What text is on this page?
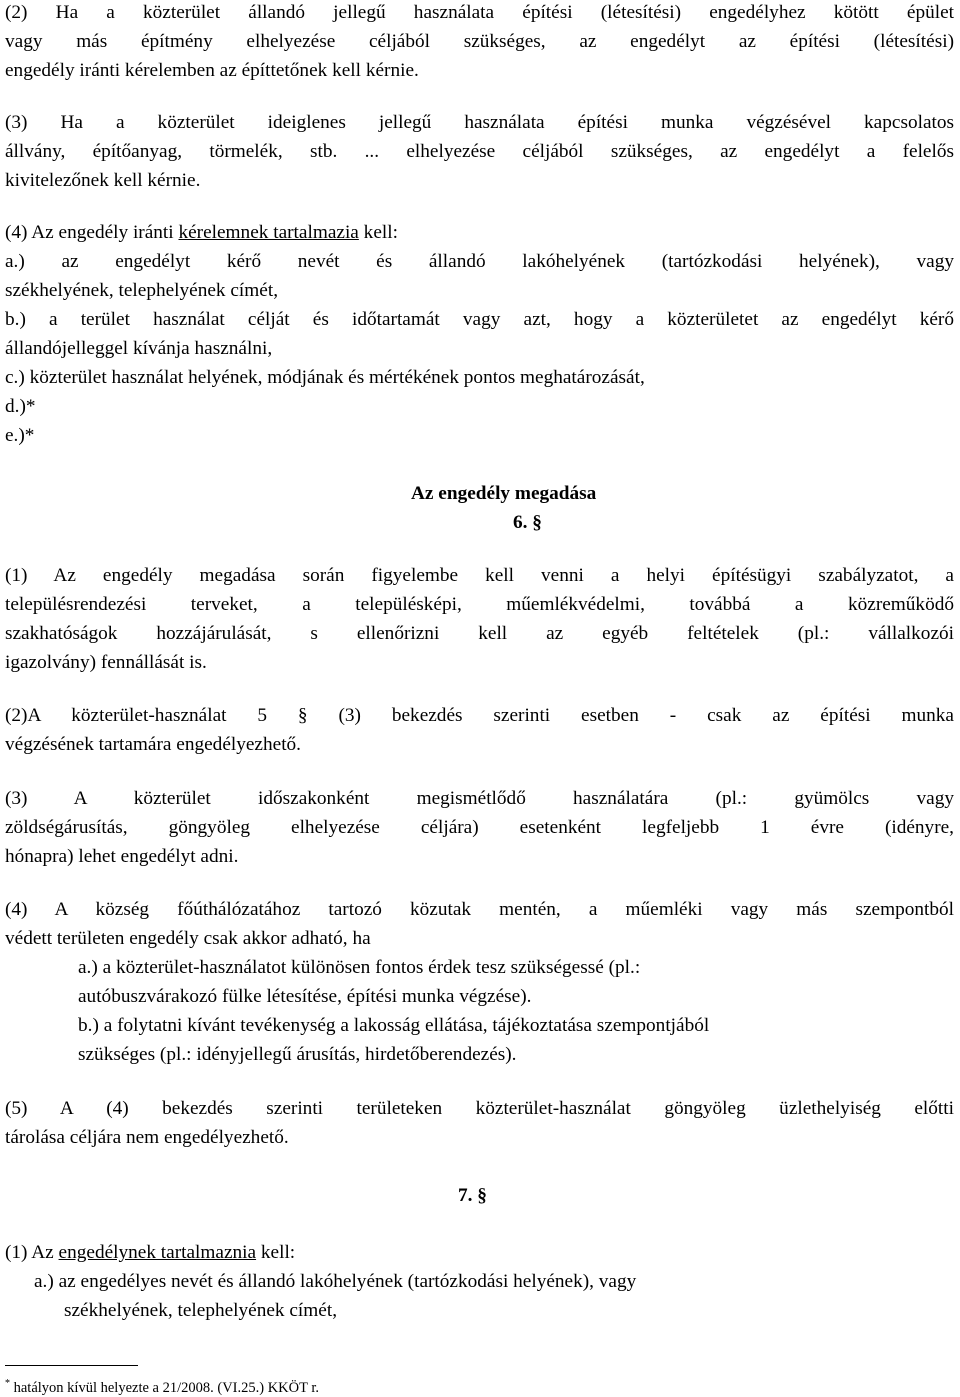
(2) Ha a közterület állandó jellegű használata építési (létesítési) engedélyhez kötött épület
vagy más építmény elhelyezése céljából szükséges, az engedélyt az építési (létesítési)
engedély iránti kérelemben az építtetőnek kell kérnie.
(3) Ha a közterület ideiglenes jellegű használata építési munka végzésével kapcsolatos
állvány, építőanyag, törmelék, stb. ... elhelyezése céljából szükséges, az engedélyt a felelős
kivitelezőnek kell kérnie.
(4) Az engedély iránti kérelemnek tartalmazia kell:
a.) az engedélyt kérő nevét és állandó lakóhelyének (tartózkodási helyének), vagy
székhelyének, telephelyének címét,
b.) a terület használat célját és időtartamát vagy azt, hogy a közterületet az engedélyt kérő
állandójelleggel kívánja használni,
c.) közterület használat helyének, módjának és mértékének pontos meghatározását,
d.)*
e.)*
Az engedély megadása
6. §
(1) Az engedély megadása során figyelembe kell venni a helyi építésügyi szabályzatot, a
településrendezési terveket, a településképi, műemlékvédelmi, továbbá a közreműködő
szakhatóságok hozzájárulását, s ellenőrizni kell az egyéb feltételek (pl.: vállalkozói
igazolvány) fennállását is.
(2)A közterület-használat 5 § (3) bekezdés szerinti esetben - csak az építési munka
végzésének tartamára engedélyezhető.
(3) A közterület időszakonként megismétlődő használatára (pl.: gyümölcs vagy
zöldségárusítás, göngyöleg elhelyezése céljára) esetenként legfeljebb 1 évre (idényre,
hónapra) lehet engedélyt adni.
(4) A község főúthálózatához tartozó közutak mentén, a műemléki vagy más szempontból
védett területen engedély csak akkor adható, ha
a.) a közterület-használatot különösen fontos érdek tesz szükségessé (pl.:
autóbuszvárakozó fülke létesítése, építési munka végzése).
b.) a folytatni kívánt tevékenység a lakosság ellátása, tájékoztatása szempontjából
szükséges (pl.: idényjellegű árusítás, hirdetőberendezés).
(5) A (4) bekezdés szerinti területeken közterület-használat göngyöleg üzlethelyiség előtti
tárolása céljára nem engedélyezhető.
7. §
(1) Az engedélynek tartalmaznia kell:
a.) az engedélyes nevét és állandó lakóhelyének (tartózkodási helyének), vagy
székhelyének, telephelyének címét,
* hatályon kívül helyezte a 21/2008. (VI.25.) KKÖT r.
